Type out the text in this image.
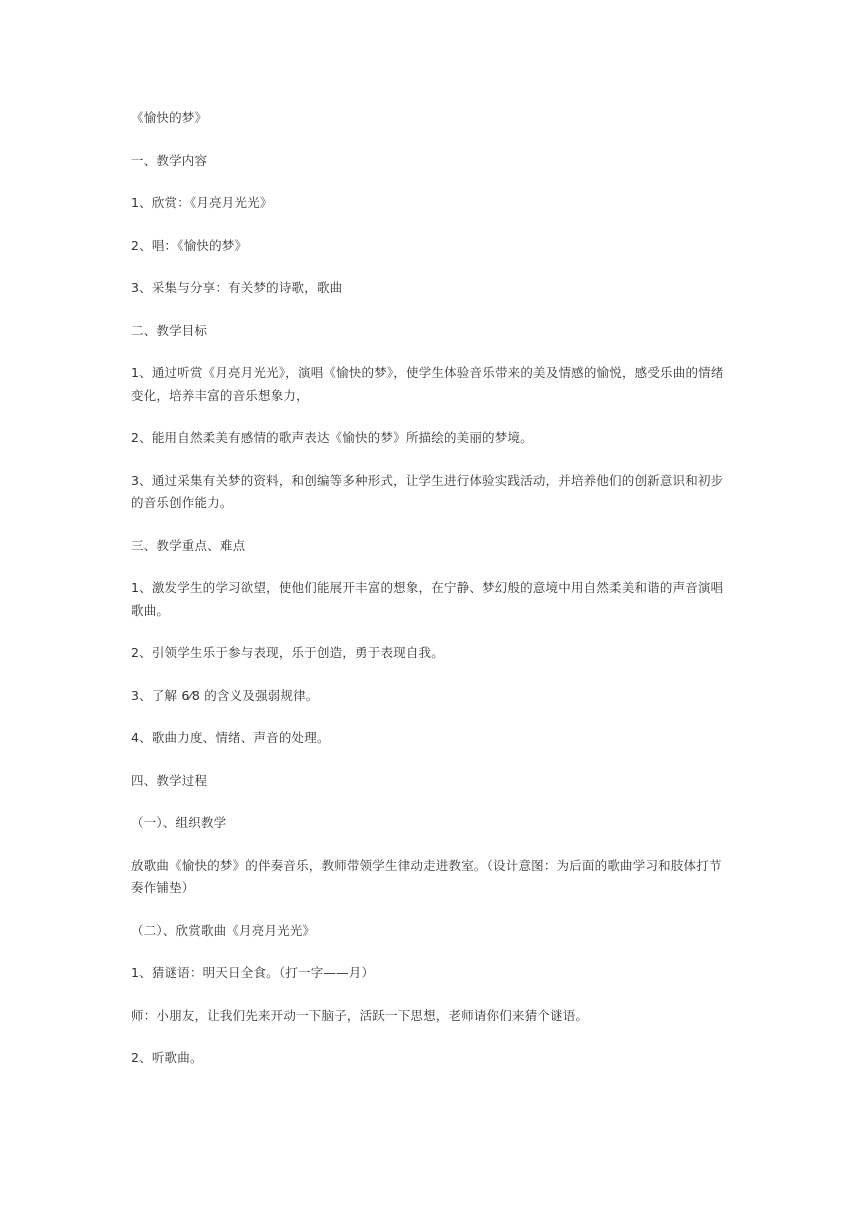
《愉快的梦》

一、教学内容

1、欣赏：《月亮月光光》

2、唱：《愉快的梦》

3、采集与分享：有关梦的诗歌，歌曲

二、教学目标

1、通过听赏《月亮月光光》，演唱《愉快的梦》，使学生体验音乐带来的美及情感的愉悦，感受乐曲的情绪变化，培养丰富的音乐想象力，

2、能用自然柔美有感情的歌声表达《愉快的梦》所描绘的美丽的梦境。

3、通过采集有关梦的资料，和创编等多种形式，让学生进行体验实践活动，并培养他们的创新意识和初步的音乐创作能力。

三、教学重点、难点

1、激发学生的学习欲望，使他们能展开丰富的想象，在宁静、梦幻般的意境中用自然柔美和谐的声音演唱歌曲。

2、引领学生乐于参与表现，乐于创造，勇于表现自我。

3、了解 6⁄8 的含义及强弱规律。

4、歌曲力度、情绪、声音的处理。

四、教学过程

（一）、组织教学

放歌曲《愉快的梦》的伴奏音乐，教师带领学生律动走进教室。（设计意图：为后面的歌曲学习和肢体打节奏作铺垫）

（二）、欣赏歌曲《月亮月光光》

1、猜谜语：明天日全食。（打一字——月）

师：小朋友，让我们先来开动一下脑子，活跃一下思想，老师请你们来猜个谜语。

2、听歌曲。
